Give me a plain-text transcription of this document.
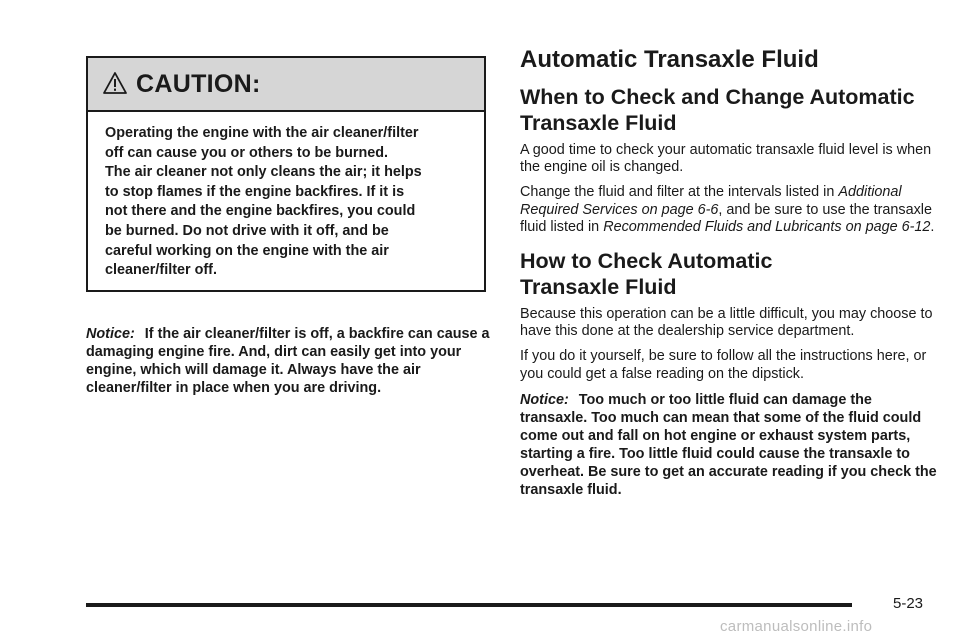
CAUTION:

Operating the engine with the air cleaner/filter

off can cause you or others to be burned.

The air cleaner not only cleans the air; it helps

to stop flames if the engine backfires. If it is

not there and the engine backfires, you could

be burned. Do not drive with it off, and be

careful working on the engine with the air

cleaner/filter off.

Notice: If the air cleaner/filter is off, a backfire can cause a damaging engine fire. And, dirt can easily get into your engine, which will damage it. Always have the air cleaner/filter in place when you are driving.

Automatic Transaxle Fluid
When to Check and Change Automatic
Transaxle Fluid

A good time to check your automatic transaxle fluid level is when the engine oil is changed.

Change the fluid and filter at the intervals listed in Additional Required Services on page 6-6, and be sure to use the transaxle fluid listed in Recommended Fluids and Lubricants on page 6-12.

How to Check Automatic
Transaxle Fluid

Because this operation can be a little difficult, you may choose to have this done at the dealership service department.

If you do it yourself, be sure to follow all the instructions here, or you could get a false reading on the dipstick.

Notice: Too much or too little fluid can damage the transaxle. Too much can mean that some of the fluid could come out and fall on hot engine or exhaust system parts, starting a fire. Too little fluid could cause the transaxle to overheat. Be sure to get an accurate reading if you check the transaxle fluid.

5-23
carmanualsonline.info
